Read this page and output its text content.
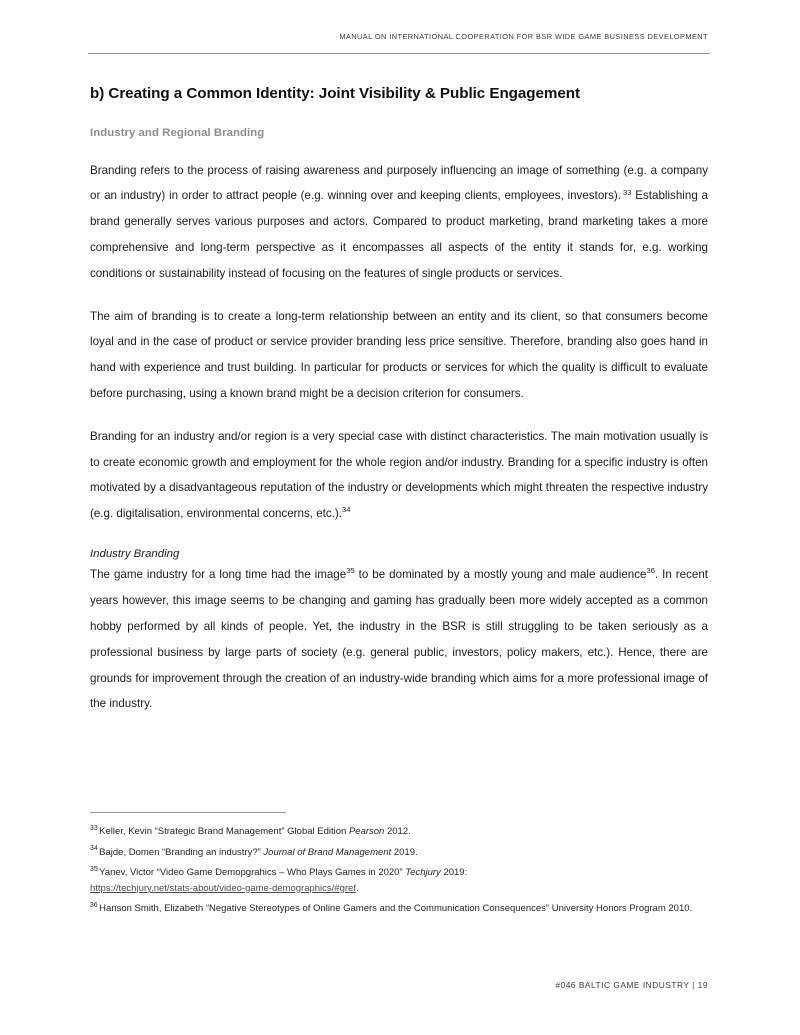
MANUAL ON INTERNATIONAL COOPERATION FOR BSR WIDE GAME BUSINESS DEVELOPMENT
b) Creating a Common Identity: Joint Visibility & Public Engagement
Industry and Regional Branding

Branding refers to the process of raising awareness and purposely influencing an image of something (e.g. a company or an industry) in order to attract people (e.g. winning over and keeping clients, employees, investors). $^{33}$ Establishing a brand generally serves various purposes and actors. Compared to product marketing, brand marketing takes a more comprehensive and long-term perspective as it encompasses all aspects of the entity it stands for, e.g. working conditions or sustainability instead of focusing on the features of single products or services.

The aim of branding is to create a long-term relationship between an entity and its client, so that consumers become loyal and in the case of product or service provider branding less price sensitive. Therefore, branding also goes hand in hand with experience and trust building. In particular for products or services for which the quality is difficult to evaluate before purchasing, using a known brand might be a decision criterion for consumers.

Branding for an industry and/or region is a very special case with distinct characteristics. The main motivation usually is to create economic growth and employment for the whole region and/or industry. Branding for a specific industry is often motivated by a disadvantageous reputation of the industry or developments which might threaten the respective industry (e.g. digitalisation, environmental concerns, etc.).$^{34}$

Industry Branding

The game industry for a long time had the image$^{35}$ to be dominated by a mostly young and male audience$^{36}$. In recent years however, this image seems to be changing and gaming has gradually been more widely accepted as a common hobby performed by all kinds of people. Yet, the industry in the BSR is still struggling to be taken seriously as a professional business by large parts of society (e.g. general public, investors, policy makers, etc.). Hence, there are grounds for improvement through the creation of an industry-wide branding which aims for a more professional image of the industry.

$^{33}$ Keller, Kevin “Strategic Brand Management” Global Edition Pearson 2012.
$^{34}$ Bajde, Domen “Branding an industry?” Journal of Brand Management 2019.
$^{35}$ Yanev, Victor “Video Game Demopgrahics – Who Plays Games in 2020” Techjury 2019:
https://techjury.net/stats-about/video-game-demographics/#gref.
$^{36}$ Hanson Smith, Elizabeth “Negative Stereotypes of Online Gamers and the Communication Consequences” University Honors Program 2010.
#046 BALTIC GAME INDUSTRY | 19
